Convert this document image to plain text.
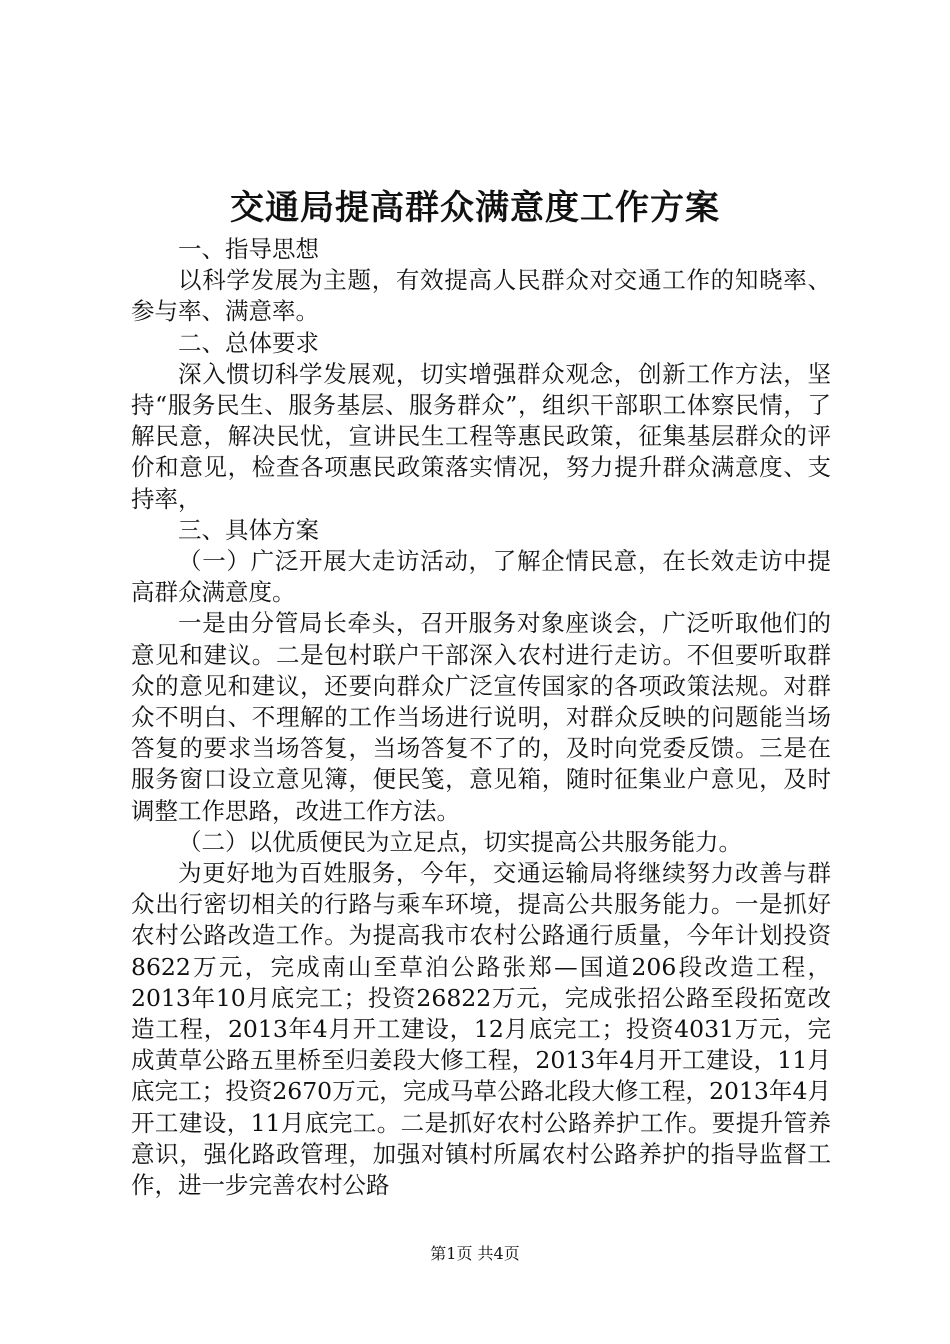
交通局提高群众满意度工作方案

一、指导思想

以科学发展为主题，有效提高人民群众对交通工作的知晓率、参与率、满意率。

二、总体要求

深入惯切科学发展观，切实增强群众观念，创新工作方法，坚持“服务民生、服务基层、服务群众”，组织干部职工体察民情，了解民意，解决民忧，宣讲民生工程等惠民政策，征集基层群众的评价和意见，检查各项惠民政策落实情况，努力提升群众满意度、支持率，

三、具体方案

（一）广泛开展大走访活动，了解企情民意，在长效走访中提高群众满意度。

一是由分管局长牵头，召开服务对象座谈会，广泛听取他们的意见和建议。二是包村联户干部深入农村进行走访。不但要听取群众的意见和建议，还要向群众广泛宣传国家的各项政策法规。对群众不明白、不理解的工作当场进行说明，对群众反映的问题能当场答复的要求当场答复，当场答复不了的，及时向党委反馈。三是在服务窗口设立意见簿，便民笺，意见箱，随时征集业户意见，及时调整工作思路，改进工作方法。

（二）以优质便民为立足点，切实提高公共服务能力。

为更好地为百姓服务，今年，交通运输局将继续努力改善与群众出行密切相关的行路与乘车环境，提高公共服务能力。一是抓好农村公路改造工作。为提高我市农村公路通行质量，今年计划投资8622万元，完成南山至草泊公路张郑—国道206段改造工程，2013年10月底完工；投资26822万元，完成张招公路至段拓宽改造工程，2013年4月开工建设，12月底完工；投资4031万元，完成黄草公路五里桥至归姜段大修工程，2013年4月开工建设，11月底完工；投资2670万元，完成马草公路北段大修工程，2013年4月开工建设，11月底完工。二是抓好农村公路养护工作。要提升管养意识，强化路政管理，加强对镇村所属农村公路养护的指导监督工作，进一步完善农村公路

第1页 共4页
